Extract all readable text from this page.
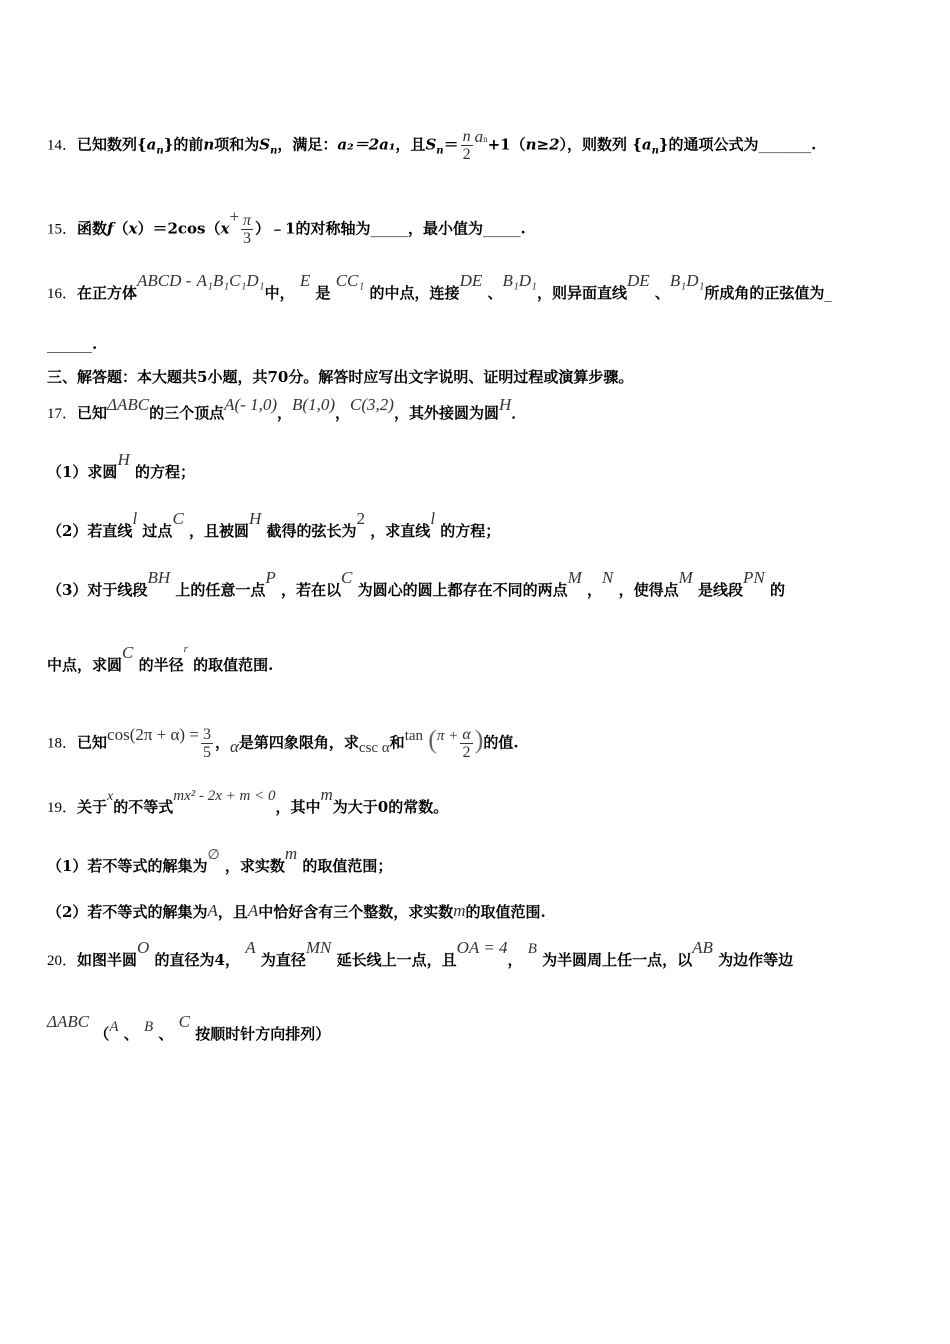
14．已知数列$\{a_n\}$的前n项和为$S_n$，满足：a₂＝2a₁，且$S_n= \frac{n}{2} an+1(n\ge 2)$，则数列 $\{a_n\}$的通项公式为_______.
15．函数$f(x)=2\cos(x+ \frac{\pi}{3}$ ）﹣1的对称轴为_____，最小值为_____.
16．在正方体ABCD - A₁B₁C₁D₁中， E 是 CC₁ 的中点，连接DE 、B₁D₁，则异面直线DE 、B₁D₁所成角的正弦值为_
______.
三、解答题：本大题共5小题，共70分。解答时应写出文字说明、证明过程或演算步骤。
17．已知ΔABC的三个顶点A(- 1,0)，B(1,0)，C(3,2)，其外接圆为圆H．
（1）求圆H 的方程；
（2）若直线l 过点C ，且被圆H 截得的弦长为2 ，求直线l 的方程；
（3）对于线段BH 上的任意一点P ，若在以C 为圆心的圆上都存在不同的两点M ，N ，使得点M 是线段PN 的
中点，求圆C 的半径r 的取值范围.
18．已知$\cos(2\pi + \alpha) = \frac{3}{5}$ ，α是第四象限角，求csc α和$\tan (\pi + \frac{\alpha}{2}$ )的值.
19．关于x的不等式mx² - 2x + m < 0，其中m为大于0的常数。
（1）若不等式的解集为∅ ，求实数m 的取值范围；
（2）若不等式的解集为A，且A中恰好含有三个整数，求实数m的取值范围.
20．如图半圆O 的直径为4， A 为直径MN 延长线上一点，且OA = 4， B 为半圆周上任一点，以AB 为边作等边
ΔABC （A 、 B 、 C 按顺时针方向排列）
